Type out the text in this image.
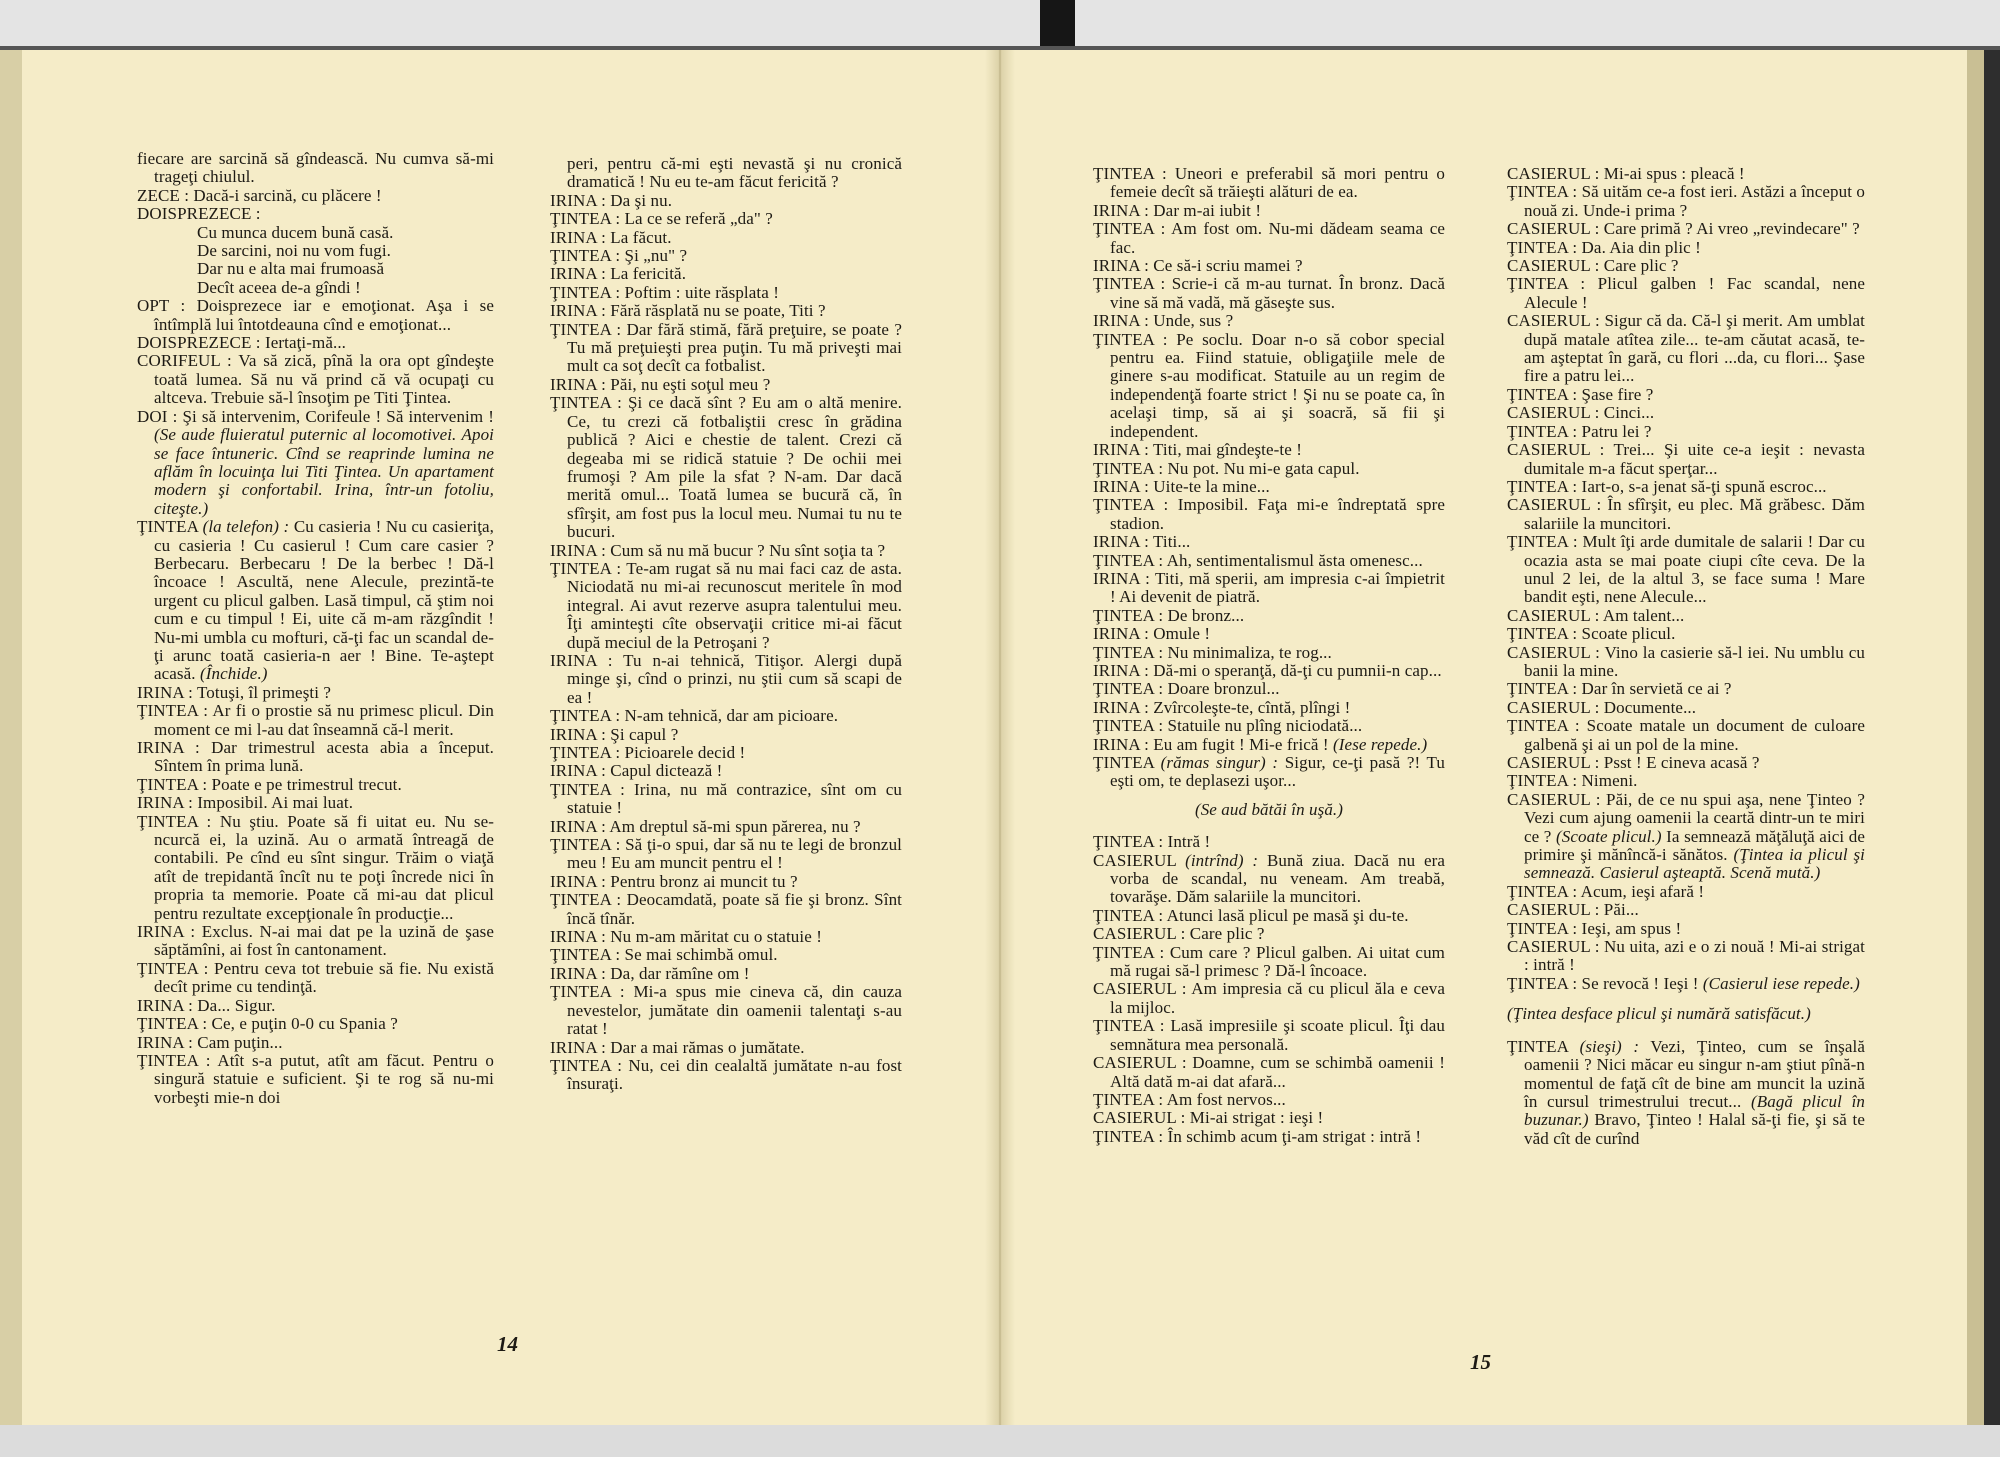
fiecare are sarcină să gîndească. Nu cumva să-mi trageţi chiulul.

ZECE : Dacă-i sarcină, cu plăcere !

DOISPREZECE :

Cu munca ducem bună casă.

De sarcini, noi nu vom fugi.

Dar nu e alta mai frumoasă

Decît aceea de-a gîndi !

OPT : Doisprezece iar e emoţionat. Aşa i se întîmplă lui întotdeauna cînd e emoţionat...

DOISPREZECE : Iertaţi-mă...

CORIFEUL : Va să zică, pînă la ora opt gîndeşte toată lumea. Să nu vă prind că vă ocupaţi cu altceva. Trebuie să-l însoţim pe Titi Ţintea.

DOI : Şi să intervenim, Corifeule ! Să intervenim ! (Se aude fluieratul puternic al locomotivei. Apoi se face întuneric. Cînd se reaprinde lumina ne aflăm în locuinţa lui Titi Ţintea. Un apartament modern şi confortabil. Irina, într-un fotoliu, citeşte.)

ŢINTEA (la telefon) : Cu casieria ! Nu cu casieriţa, cu casieria ! Cu casierul ! Cum care casier ? Berbecaru. Berbecaru ! De la berbec ! Dă-l încoace ! Ascultă, nene Alecule, prezintă-te urgent cu plicul galben. Lasă timpul, că ştim noi cum e cu timpul ! Ei, uite că m-am răzgîndit ! Nu-mi umbla cu mofturi, că-ţi fac un scandal de-ţi arunc toată casieria-n aer ! Bine. Te-aştept acasă. (Închide.)

IRINA : Totuşi, îl primeşti ?

ŢINTEA : Ar fi o prostie să nu primesc plicul. Din moment ce mi l-au dat înseamnă că-l merit.

IRINA : Dar trimestrul acesta abia a început. Sîntem în prima lună.

ŢINTEA : Poate e pe trimestrul trecut.

IRINA : Imposibil. Ai mai luat.

ŢINTEA : Nu ştiu. Poate să fi uitat eu. Nu se-ncurcă ei, la uzină. Au o armată întreagă de contabili. Pe cînd eu sînt singur. Trăim o viaţă atît de trepidantă încît nu te poţi încrede nici în propria ta memorie. Poate că mi-au dat plicul pentru rezultate excepţionale în producţie...

IRINA : Exclus. N-ai mai dat pe la uzină de şase săptămîni, ai fost în cantonament.

ŢINTEA : Pentru ceva tot trebuie să fie. Nu există decît prime cu tendinţă.

IRINA : Da... Sigur.

ŢINTEA : Ce, e puţin 0-0 cu Spania ?

IRINA : Cam puţin...

ŢINTEA : Atît s-a putut, atît am făcut. Pentru o singură statuie e suficient. Şi te rog să nu-mi vorbeşti mie-n doi

peri, pentru că-mi eşti nevastă şi nu cronică dramatică ! Nu eu te-am făcut fericită ?

IRINA : Da şi nu.

ŢINTEA : La ce se referă „da" ?

IRINA : La făcut.

ŢINTEA : Şi „nu" ?

IRINA : La fericită.

ŢINTEA : Poftim : uite răsplata !

IRINA : Fără răsplată nu se poate, Titi ?

ŢINTEA : Dar fără stimă, fără preţuire, se poate ? Tu mă preţuieşti prea puţin. Tu mă priveşti mai mult ca soţ decît ca fotbalist.

IRINA : Păi, nu eşti soţul meu ?

ŢINTEA : Şi ce dacă sînt ? Eu am o altă menire. Ce, tu crezi că fotbaliştii cresc în grădina publică ? Aici e chestie de talent. Crezi că degeaba mi se ridică statuie ? De ochii mei frumoşi ? Am pile la sfat ? N-am. Dar dacă merită omul... Toată lumea se bucură că, în sfîrşit, am fost pus la locul meu. Numai tu nu te bucuri.

IRINA : Cum să nu mă bucur ? Nu sînt soţia ta ?

ŢINTEA : Te-am rugat să nu mai faci caz de asta. Niciodată nu mi-ai recunoscut meritele în mod integral. Ai avut rezerve asupra talentului meu. Îţi aminteşti cîte observaţii critice mi-ai făcut după meciul de la Petroşani ?

IRINA : Tu n-ai tehnică, Titişor. Alergi după minge şi, cînd o prinzi, nu ştii cum să scapi de ea !

ŢINTEA : N-am tehnică, dar am picioare.

IRINA : Şi capul ?

ŢINTEA : Picioarele decid !

IRINA : Capul dictează !

ŢINTEA : Irina, nu mă contrazice, sînt om cu statuie !

IRINA : Am dreptul să-mi spun părerea, nu ?

ŢINTEA : Să ţi-o spui, dar să nu te legi de bronzul meu ! Eu am muncit pentru el !

IRINA : Pentru bronz ai muncit tu ?

ŢINTEA : Deocamdată, poate să fie şi bronz. Sînt încă tînăr.

IRINA : Nu m-am măritat cu o statuie !

ŢINTEA : Se mai schimbă omul.

IRINA : Da, dar rămîne om !

ŢINTEA : Mi-a spus mie cineva că, din cauza nevestelor, jumătate din oamenii talentaţi s-au ratat !

IRINA : Dar a mai rămas o jumătate.

ŢINTEA : Nu, cei din cealaltă jumătate n-au fost însuraţi.

14

ŢINTEA : Uneori e preferabil să mori pentru o femeie decît să trăieşti alături de ea.

IRINA : Dar m-ai iubit !

ŢINTEA : Am fost om. Nu-mi dădeam seama ce fac.

IRINA : Ce să-i scriu mamei ?

ŢINTEA : Scrie-i că m-au turnat. În bronz. Dacă vine să mă vadă, mă găseşte sus.

IRINA : Unde, sus ?

ŢINTEA : Pe soclu. Doar n-o să cobor special pentru ea. Fiind statuie, obligaţiile mele de ginere s-au modificat. Statuile au un regim de independenţă foarte strict ! Şi nu se poate ca, în acelaşi timp, să ai şi soacră, să fii şi independent.

IRINA : Titi, mai gîndeşte-te !

ŢINTEA : Nu pot. Nu mi-e gata capul.

IRINA : Uite-te la mine...

ŢINTEA : Imposibil. Faţa mi-e îndreptată spre stadion.

IRINA : Titi...

ŢINTEA : Ah, sentimentalismul ăsta omenesc...

IRINA : Titi, mă sperii, am impresia c-ai împietrit ! Ai devenit de piatră.

ŢINTEA : De bronz...

IRINA : Omule !

ŢINTEA : Nu minimaliza, te rog...

IRINA : Dă-mi o speranţă, dă-ţi cu pumnii-n cap...

ŢINTEA : Doare bronzul...

IRINA : Zvîrcoleşte-te, cîntă, plîngi !

ŢINTEA : Statuile nu plîng niciodată...

IRINA : Eu am fugit ! Mi-e frică ! (Iese repede.)

ŢINTEA (rămas singur) : Sigur, ce-ţi pasă ?! Tu eşti om, te deplasezi uşor...

(Se aud bătăi în uşă.)

ŢINTEA : Intră !

CASIERUL (intrînd) : Bună ziua. Dacă nu era vorba de scandal, nu veneam. Am treabă, tovarăşe. Dăm salariile la muncitori.

ŢINTEA : Atunci lasă plicul pe masă şi du-te.

CASIERUL : Care plic ?

ŢINTEA : Cum care ? Plicul galben. Ai uitat cum mă rugai să-l primesc ? Dă-l încoace.

CASIERUL : Am impresia că cu plicul ăla e ceva la mijloc.

ŢINTEA : Lasă impresiile şi scoate plicul. Îţi dau semnătura mea personală.

CASIERUL : Doamne, cum se schimbă oamenii ! Altă dată m-ai dat afară...

ŢINTEA : Am fost nervos...

CASIERUL : Mi-ai strigat : ieşi !

ŢINTEA : În schimb acum ţi-am strigat : intră !

CASIERUL : Mi-ai spus : pleacă !

ŢINTEA : Să uităm ce-a fost ieri. Astăzi a început o nouă zi. Unde-i prima ?

CASIERUL : Care primă ? Ai vreo „revindecare" ?

ŢINTEA : Da. Aia din plic !

CASIERUL : Care plic ?

ŢINTEA : Plicul galben ! Fac scandal, nene Alecule !

CASIERUL : Sigur că da. Că-l şi merit. Am umblat după matale atîtea zile... te-am căutat acasă, te-am aşteptat în gară, cu flori ...da, cu flori... Şase fire a patru lei...

ŢINTEA : Şase fire ?

CASIERUL : Cinci...

ŢINTEA : Patru lei ?

CASIERUL : Trei... Şi uite ce-a ieşit : nevasta dumitale m-a făcut sperţar...

ŢINTEA : Iart-o, s-a jenat să-ţi spună escroc...

CASIERUL : În sfîrşit, eu plec. Mă grăbesc. Dăm salariile la muncitori.

ŢINTEA : Mult îţi arde dumitale de salarii ! Dar cu ocazia asta se mai poate ciupi cîte ceva. De la unul 2 lei, de la altul 3, se face suma ! Mare bandit eşti, nene Alecule...

CASIERUL : Am talent...

ŢINTEA : Scoate plicul.

CASIERUL : Vino la casierie să-l iei. Nu umblu cu banii la mine.

ŢINTEA : Dar în servietă ce ai ?

CASIERUL : Documente...

ŢINTEA : Scoate matale un document de culoare galbenă şi ai un pol de la mine.

CASIERUL : Psst ! E cineva acasă ?

ŢINTEA : Nimeni.

CASIERUL : Păi, de ce nu spui aşa, nene Ţinteo ? Vezi cum ajung oamenii la ceartă dintr-un te miri ce ? (Scoate plicul.) Ia semnează măţăluţă aici de primire şi mănîncă-i sănătos. (Ţintea ia plicul şi semnează. Casierul aşteaptă. Scenă mută.)

ŢINTEA : Acum, ieşi afară !

CASIERUL : Păi...

ŢINTEA : Ieşi, am spus !

CASIERUL : Nu uita, azi e o zi nouă ! Mi-ai strigat : intră !

ŢINTEA : Se revocă ! Ieşi ! (Casierul iese repede.)

(Ţintea desface plicul şi numără satisfăcut.)

ŢINTEA (sieşi) : Vezi, Ţinteo, cum se înşală oamenii ? Nici măcar eu singur n-am ştiut pînă-n momentul de faţă cît de bine am muncit la uzină în cursul trimestrului trecut... (Bagă plicul în buzunar.) Bravo, Ţinteo ! Halal să-ţi fie, şi să te văd cît de curînd

15
